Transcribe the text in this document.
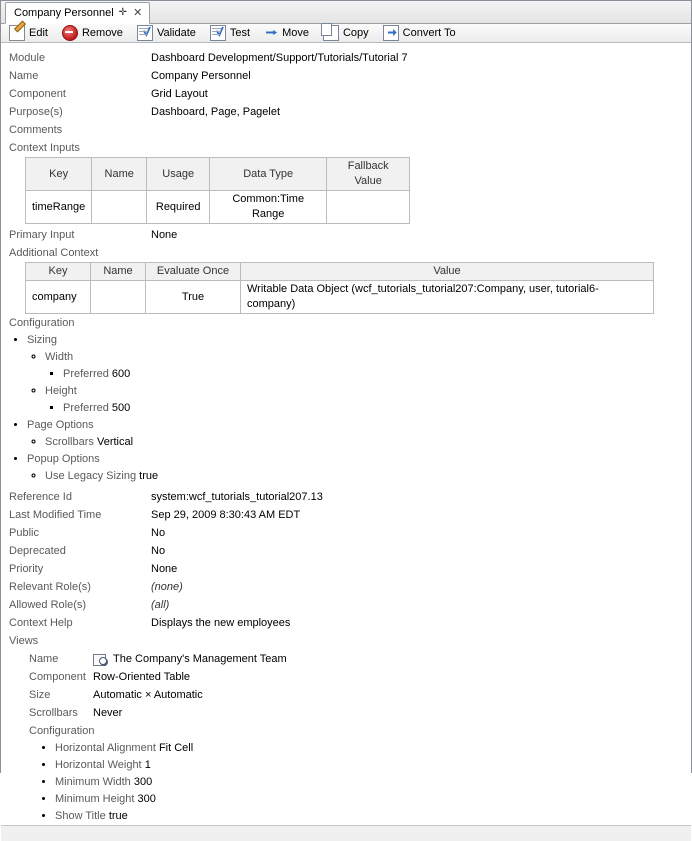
Company Personnel ✛ ✕
Edit	Remove	Validate	Test	Move	Copy	Convert To
Module	Dashboard Development/Support/Tutorials/Tutorial 7
Name	Company Personnel
Component	Grid Layout
Purpose(s)	Dashboard, Page, Pagelet
Comments
Context Inputs
Key	Name	Usage	Data Type	Fallback Value
timeRange		Required	Common:Time Range	
Primary Input	None
Additional Context
Key	Name	Evaluate Once	Value
company		True	Writable Data Object (wcf_tutorials_tutorial207:Company, user, tutorial6-company)
Configuration
• Sizing
◦ Width
▪ Preferred 600
◦ Height
▪ Preferred 500
• Page Options
◦ Scrollbars Vertical
• Popup Options
◦ Use Legacy Sizing true
Reference Id	system:wcf_tutorials_tutorial207.13
Last Modified Time	Sep 29, 2009 8:30:43 AM EDT
Public	No
Deprecated	No
Priority	None
Relevant Role(s)	(none)
Allowed Role(s)	(all)
Context Help	Displays the new employees
Views
Name	The Company's Management Team
Component Row-Oriented Table
Size	Automatic × Automatic
Scrollbars	Never
Configuration
• Horizontal Alignment Fit Cell
• Horizontal Weight 1
• Minimum Width 300
• Minimum Height 300
• Show Title true
